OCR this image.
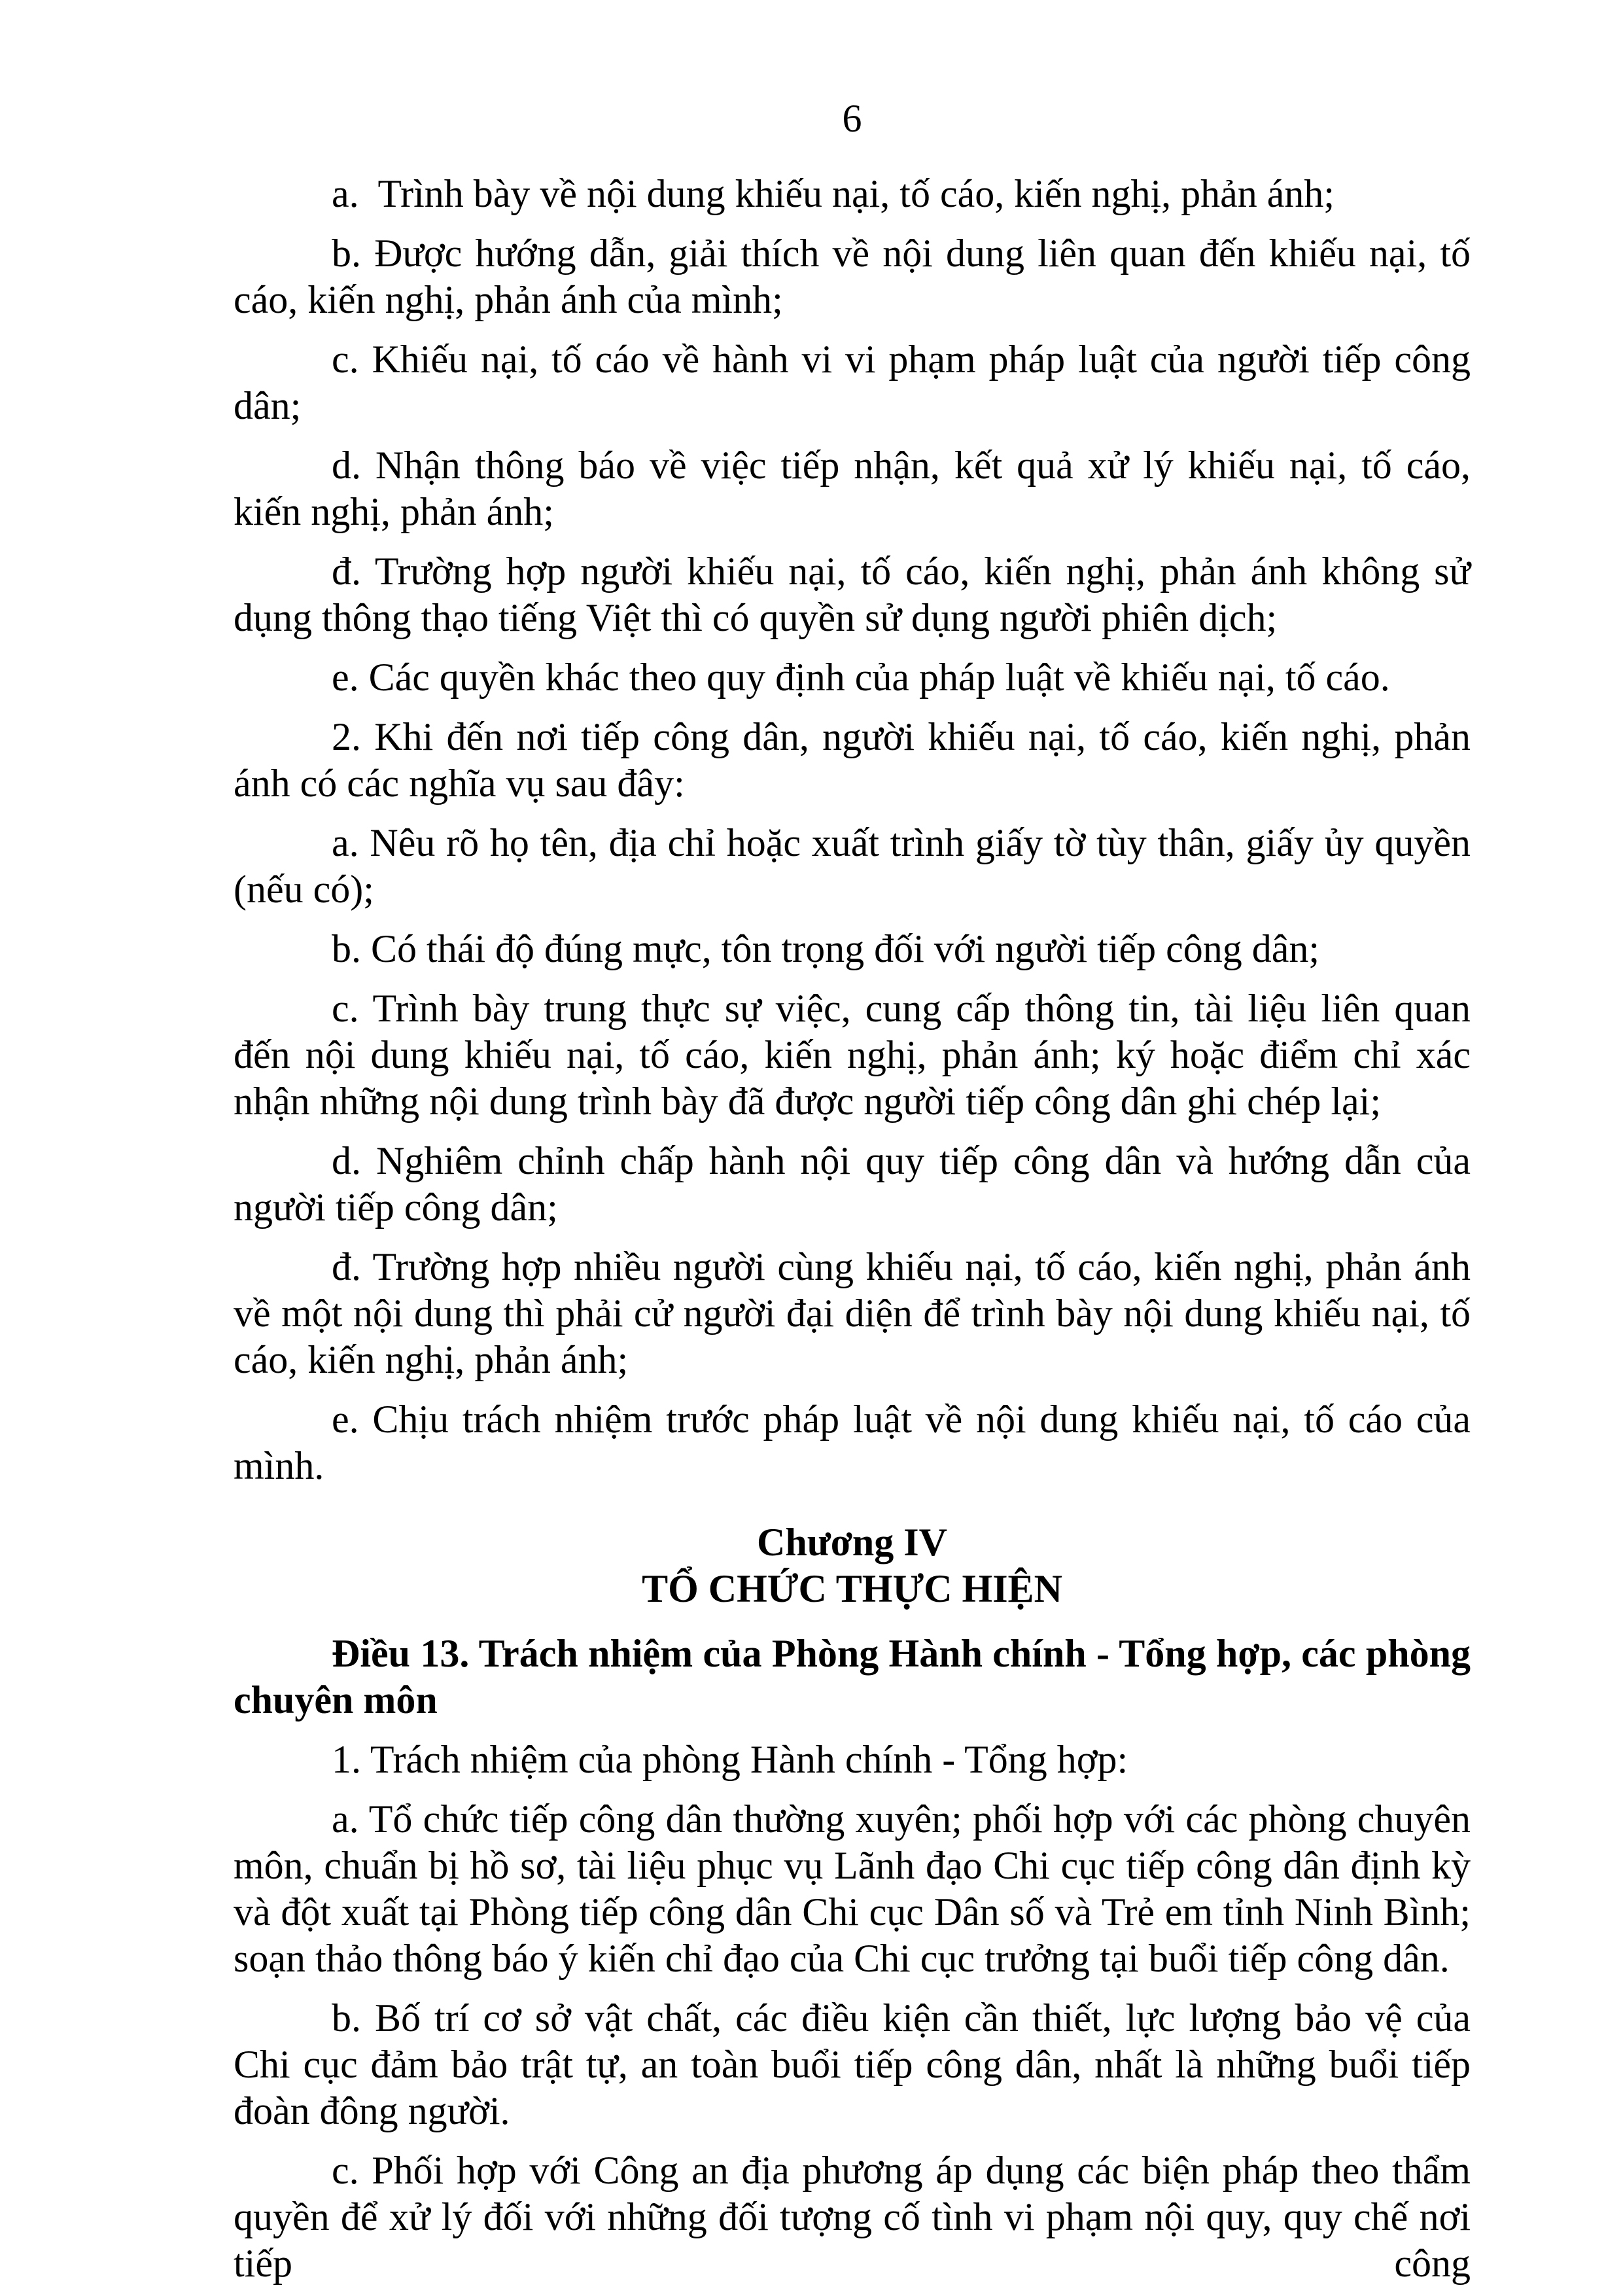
6

a.  Trình bày về nội dung khiếu nại, tố cáo, kiến nghị, phản ánh;

b. Được hướng dẫn, giải thích về nội dung liên quan đến khiếu nại, tố cáo, kiến nghị, phản ánh của mình;

c. Khiếu nại, tố cáo về hành vi vi phạm pháp luật của người tiếp công dân;

d. Nhận thông báo về việc tiếp nhận, kết quả xử lý khiếu nại, tố cáo, kiến nghị, phản ánh;

đ. Trường hợp người khiếu nại, tố cáo, kiến nghị, phản ánh không sử dụng thông thạo tiếng Việt thì có quyền sử dụng người phiên dịch;

e. Các quyền khác theo quy định của pháp luật về khiếu nại, tố cáo.

2. Khi đến nơi tiếp công dân, người khiếu nại, tố cáo, kiến nghị, phản ánh có các nghĩa vụ sau đây:

a. Nêu rõ họ tên, địa chỉ hoặc xuất trình giấy tờ tùy thân, giấy ủy quyền (nếu có);

b. Có thái độ đúng mực, tôn trọng đối với người tiếp công dân;

c. Trình bày trung thực sự việc, cung cấp thông tin, tài liệu liên quan đến nội dung khiếu nại, tố cáo, kiến nghị, phản ánh; ký hoặc điểm chỉ xác nhận những nội dung trình bày đã được người tiếp công dân ghi chép lại;

d. Nghiêm chỉnh chấp hành nội quy tiếp công dân và hướng dẫn của người tiếp công dân;

đ. Trường hợp nhiều người cùng khiếu nại, tố cáo, kiến nghị, phản ánh về một nội dung thì phải cử người đại diện để trình bày nội dung khiếu nại, tố cáo, kiến nghị, phản ánh;

e. Chịu trách nhiệm trước pháp luật về nội dung khiếu nại, tố cáo của mình.

Chương IV
TỔ CHỨC THỰC HIỆN

Điều 13. Trách nhiệm của Phòng Hành chính - Tổng hợp, các phòng chuyên môn

1. Trách nhiệm của phòng Hành chính - Tổng hợp:

a. Tổ chức tiếp công dân thường xuyên; phối hợp với các phòng chuyên môn, chuẩn bị hồ sơ, tài liệu phục vụ Lãnh đạo Chi cục tiếp công dân định kỳ và đột xuất tại Phòng tiếp công dân Chi cục Dân số và Trẻ em tỉnh Ninh Bình; soạn thảo thông báo ý kiến chỉ đạo của Chi cục trưởng tại buổi tiếp công dân.

b. Bố trí cơ sở vật chất, các điều kiện cần thiết, lực lượng bảo vệ của Chi cục đảm bảo trật tự, an toàn buổi tiếp công dân, nhất là những buổi tiếp đoàn đông người.

c. Phối hợp với Công an địa phương áp dụng các biện pháp theo thẩm quyền để xử lý đối với những đối tượng cố tình vi phạm nội quy, quy chế nơi tiếp công
